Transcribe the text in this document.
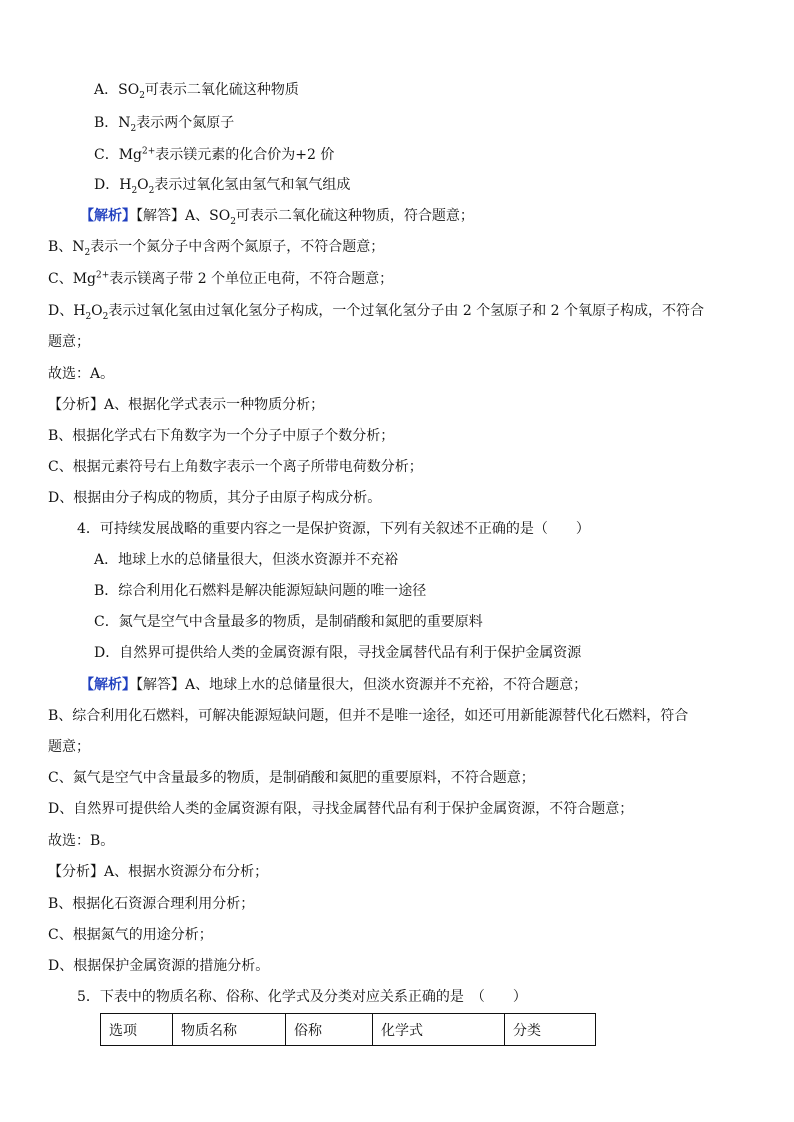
A．$SO_2$可表示二氧化硫这种物质
B．$N_2$表示两个氮原子
C．$Mg^{2+}$表示镁元素的化合价为+2 价
D．$H_2O_2$表示过氧化氢由氢气和氧气组成
【解析】【解答】A、$SO_2$可表示二氧化硫这种物质，符合题意；
B、$N_2$表示一个氮分子中含两个氮原子，不符合题意；
C、$Mg^{2+}$表示镁离子带 2 个单位正电荷，不符合题意；
D、$H_2O_2$表示过氧化氢由过氧化氢分子构成，一个过氧化氢分子由 2 个氢原子和 2 个氧原子构成，不符合
题意；
故选：A。
【分析】A、根据化学式表示一种物质分析；
B、根据化学式右下角数字为一个分子中原子个数分析；
C、根据元素符号右上角数字表示一个离子所带电荷数分析；
D、根据由分子构成的物质，其分子由原子构成分析。
4．可持续发展战略的重要内容之一是保护资源，下列有关叙述不正确的是（　　）
A．地球上水的总储量很大，但淡水资源并不充裕
B．综合利用化石燃料是解决能源短缺问题的唯一途径
C．氮气是空气中含量最多的物质，是制硝酸和氮肥的重要原料
D．自然界可提供给人类的金属资源有限，寻找金属替代品有利于保护金属资源
【解析】【解答】A、地球上水的总储量很大，但淡水资源并不充裕，不符合题意；
B、综合利用化石燃料，可解决能源短缺问题，但并不是唯一途径，如还可用新能源替代化石燃料，符合
题意；
C、氮气是空气中含量最多的物质，是制硝酸和氮肥的重要原料，不符合题意；
D、自然界可提供给人类的金属资源有限，寻找金属替代品有利于保护金属资源，不符合题意；
故选：B。
【分析】A、根据水资源分布分析；
B、根据化石资源合理利用分析；
C、根据氮气的用途分析；
D、根据保护金属资源的措施分析。
5．下表中的物质名称、俗称、化学式及分类对应关系正确的是　（　　）
选项	物质名称	俗称	化学式	分类
